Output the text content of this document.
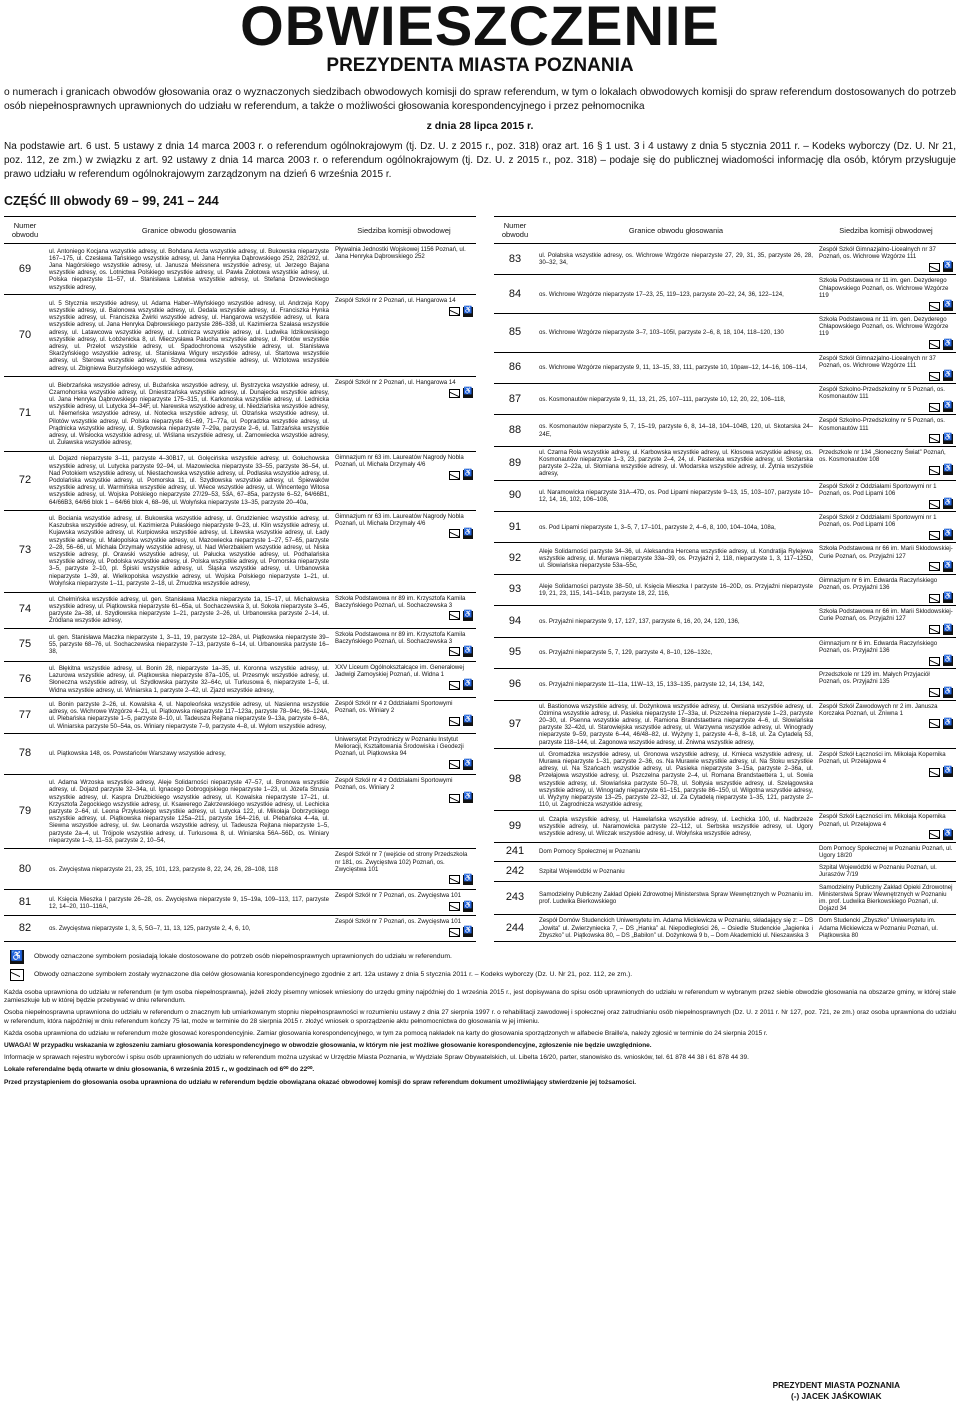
OBWIESZCZENIE
PREZYDENTA MIASTA POZNANIA
o numerach i granicach obwodów głosowania oraz o wyznaczonych siedzibach obwodowych komisji do spraw referendum, w tym o lokalach obwodowych komisji do spraw referendum dostosowanych do potrzeb osób niepełnosprawnych uprawnionych do udziału w referendum, a także o możliwości głosowania korespondencyjnego i przez pełnomocnika
z dnia 28 lipca 2015 r.
Na podstawie art. 6 ust. 5 ustawy z dnia 14 marca 2003 r. o referendum ogólnokrajowym (tj. Dz. U. z 2015 r., poz. 318) oraz art. 16 § 1 ust. 3 i 4 ustawy z dnia 5 stycznia 2011 r. – Kodeks wyborczy (Dz. U. Nr 21, poz. 112, ze zm.) w związku z art. 92 ustawy z dnia 14 marca 2003 r. o referendum ogólnokrajowym (tj. Dz. U. z 2015 r., poz. 318) – podaje się do publicznej wiadomości informację dla osób, którym przysługuje prawo udziału w referendum ogólnokrajowym zarządzonym na dzień 6 września 2015 r.
CZĘŚĆ III obwody 69 – 99, 241 – 244
Numer obwodu	Granice obwodu głosowania	Siedziba komisji obwodowej
69	ul. Antoniego Kocjana wszystkie adresy, ul. Bohdana Arcta wszystkie adresy, ul. Bukowska nieparzyste 167–175, ul. Czesława Tańskiego wszystkie adresy, ul. Jana Henryka Dąbrowskiego 252, 282/292, ul. Jana Nagórskiego wszystkie adresy, ul. Janusza Meissnera wszystkie adresy, ul. Jerzego Bajana wszystkie adresy, os. Lotnictwa Polskiego wszystkie adresy, ul. Pawła Zołotowa wszystkie adresy, ul. Polska nieparzyste 11–57, ul. Stanisława Latwisa wszystkie adresy, ul. Stefana Drzewieckiego wszystkie adresy,	Pływalnia Jednostki Wojskowej 1156 Poznań, ul. Jana Henryka Dąbrowskiego 252

70	ul. 5 Stycznia wszystkie adresy, ul. Adama Haber–Włyńskiego wszystkie adresy, ul. Andrzeja Kopy wszystkie adresy, ul. Balonowa wszystkie adresy, ul. Dedala wszystkie adresy, ul. Franciszka Hynka wszystkie adresy, ul. Franciszka Żwirki wszystkie adresy, ul. Hangarowa wszystkie adresy, ul. Ikara wszystkie adresy, ul. Jana Henryka Dąbrowskiego parzyste 286–338, ul. Kazimierza Szałasa wszystkie adresy, ul. Latawcowa wszystkie adresy, ul. Lotnicza wszystkie adresy, ul. Ludwika Idzikowskiego wszystkie adresy, ul. Łobżenicka 8, ul. Mieczysława Palucha wszystkie adresy, ul. Pilotów wszystkie adresy, ul. Przelot wszystkie adresy, ul. Spadochronowa wszystkie adresy, ul. Stanisława Skarżyńskiego wszystkie adresy, ul. Stanisława Wigury wszystkie adresy, ul. Startowa wszystkie adresy, ul. Sterowa wszystkie adresy, ul. Szybowcowa wszystkie adresy, ul. Wzlotowa wszystkie adresy, ul. Zbigniewa Burzyńskiego wszystkie adresy,	Zespół Szkół nr 2 Poznań, ul. Hangarowa 14
♿

71	ul. Biebrzańska wszystkie adresy, ul. Bużańska wszystkie adresy, ul. Bystrzycka wszystkie adresy, ul. Czarnohorska wszystkie adresy, ul. Dniestrzańska wszystkie adresy, ul. Dunajecka wszystkie adresy, ul. Jana Henryka Dąbrowskiego nieparzyste 175–315, ul. Karkonoska wszystkie adresy, ul. Lednicka wszystkie adresy, ul. Lutycka 34–34F, ul. Narewska wszystkie adresy, ul. Niedziańska wszystkie adresy, ul. Niemeńska wszystkie adresy, ul. Notecka wszystkie adresy, ul. Olzańska wszystkie adresy, ul. Pilotów wszystkie adresy, ul. Polska nieparzyste 61–69, 71–77a, ul. Popradzka wszystkie adresy, ul. Prądnicka wszystkie adresy, ul. Sytkowska nieparzyste 7–29a, parzyste 2–6, ul. Tatrzańska wszystkie adresy, ul. Wisłocka wszystkie adresy, ul. Wiślana wszystkie adresy, ul. Żarnowiecka wszystkie adresy, ul. Żuławska wszystkie adresy,	Zespół Szkół nr 2 Poznań, ul. Hangarowa 14
♿

72	ul. Dojazd nieparzyste 3–11, parzyste 4–30B17, ul. Golęcińska wszystkie adresy, ul. Gołuchowska wszystkie adresy, ul. Lutycka parzyste 92–94, ul. Mazowiecka nieparzyste 33–55, parzyste 36–54, ul. Nad Potokiem wszystkie adresy, ul. Niestachowska wszystkie adresy, ul. Podlaska wszystkie adresy, ul. Podolańska wszystkie adresy, ul. Pomorska 11, ul. Szydłowska wszystkie adresy, ul. Śpiewaków wszystkie adresy, ul. Warmińska wszystkie adresy, ul. Wiece wszystkie adresy, ul. Wincentego Witosa wszystkie adresy, ul. Wojska Polskiego nieparzyste 27/29–53, 53A, 67–85a, parzyste 6–52, 64/66B1, 64/66B3, 64/66 blok 1 – 64/66 blok 4, 68–96, ul. Wołyńska nieparzyste 13–35, parzyste 20–40a,	Gimnazjum nr 63 im. Laureatów Nagrody Nobla Poznań, ul. Michała Drzymały 4/6
♿

73	ul. Bociania wszystkie adresy, ul. Bukowska wszystkie adresy, ul. Grudzieniec wszystkie adresy, ul. Kaszubska wszystkie adresy, ul. Kazimierza Pułaskiego nieparzyste 9–23, ul. Klin wszystkie adresy, ul. Kujawska wszystkie adresy, ul. Kurpiowska wszystkie adresy, ul. Litewska wszystkie adresy, ul. Łady wszystkie adresy, ul. Małopolska wszystkie adresy, ul. Mazowiecka nieparzyste 1–27, 57–65, parzyste 2–28, 56–66, ul. Michała Drzymały wszystkie adresy, ul. Nad Wierzbakiem wszystkie adresy, ul. Niska wszystkie adresy, pl. Orawski wszystkie adresy, ul. Pałucka wszystkie adresy, ul. Podhalańska wszystkie adresy, ul. Podolska wszystkie adresy, ul. Polska wszystkie adresy, ul. Pomorska nieparzyste 3–5, parzyste 2–10, pl. Śpiski wszystkie adresy, ul. Śląska wszystkie adresy, ul. Urbanowska nieparzyste 1–39, al. Wielkopolska wszystkie adresy, ul. Wojska Polskiego nieparzyste 1–21, ul. Wołyńska nieparzyste 1–11, parzyste 2–18, ul. Żmudzka wszystkie adresy,	Gimnazjum nr 63 im. Laureatów Nagrody Nobla Poznań, ul. Michała Drzymały 4/6
♿

74	ul. Chełmińska wszystkie adresy, ul. gen. Stanisława Maczka nieparzyste 1a, 15–17, ul. Michałowska wszystkie adresy, ul. Piątkowska nieparzyste 61–65a, ul. Sochaczewska 3, ul. Sokoła nieparzyste 3–45, parzyste 2a–38, ul. Szydłowska nieparzyste 1–21, parzyste 2–26, ul. Urbanowska parzyste 2–14, ul. Źródlana wszystkie adresy,	Szkoła Podstawowa nr 89 im. Krzysztofa Kamila Baczyńskiego Poznań, ul. Sochaczewska 3
♿

75	ul. gen. Stanisława Maczka nieparzyste 1, 3–11, 19, parzyste 12–28A, ul. Piątkowska nieparzyste 39–55, parzyste 68–76, ul. Sochaczewska nieparzyste 7–13, parzyste 6–14, ul. Urbanowska parzyste 16–38,	Szkoła Podstawowa nr 89 im. Krzysztofa Kamila Baczyńskiego Poznań, ul. Sochaczewska 3
♿

76	ul. Błękitna wszystkie adresy, ul. Bonin 28, nieparzyste 1a–35, ul. Koronna wszystkie adresy, ul. Lazurowa wszystkie adresy, ul. Piątkowska nieparzyste 87a–105, ul. Przesmyk wszystkie adresy, ul. Słoneczna wszystkie adresy, ul. Szydłowska parzyste 32–64c, ul. Turkusowa 6, nieparzyste 1–5, ul. Widna wszystkie adresy, ul. Winiarska 1, parzyste 2–42, ul. Zjazd wszystkie adresy,	XXV Liceum Ogólnokształcące im. Generałowej Jadwigi Zamoyskiej Poznań, ul. Widna 1
♿

77	ul. Bonin parzyste 2–26, ul. Kowalska 4, ul. Napoleońska wszystkie adresy, ul. Nasienna wszystkie adresy, os. Wichrowe Wzgórze 4–21, ul. Piątkowska nieparzyste 117–123a, parzyste 78–94c, 96–124A, ul. Plebańska nieparzyste 1–5, parzyste 8–10, ul. Tadeusza Rejtana nieparzyste 9–13a, parzyste 6–8A, ul. Winiarska parzyste 50–54a, os. Winiary nieparzyste 7–9, parzyste 4–8, ul. Wyłom wszystkie adresy,	Zespół Szkół nr 4 z Oddziałami Sportowymi Poznań, os. Winiary 2
♿

78	ul. Piątkowska 148, os. Powstańców Warszawy wszystkie adresy,	Uniwersytet Przyrodniczy w Poznaniu Instytut Melioracji, Kształtowania Środowiska i Geodezji Poznań, ul. Piątkowska 94
♿

79	ul. Adama Wrzoska wszystkie adresy, Aleje Solidarności nieparzyste 47–57, ul. Bronowa wszystkie adresy, ul. Dojazd parzyste 32–34a, ul. Ignacego Dobrogojskiego nieparzyste 1–23, ul. Józefa Strusia wszystkie adresy, ul. Kaspra Drużbickiego wszystkie adresy, ul. Kowalska nieparzyste 17–21, ul. Krzysztofa Żegockiego wszystkie adresy, ul. Ksawerego Zakrzewskiego wszystkie adresy, ul. Lechicka parzyste 2–64, ul. Leona Przyłuskiego wszystkie adresy, ul. Lutycka 122, ul. Mikołaja Dobrzyckiego wszystkie adresy, ul. Piątkowska nieparzyste 125a–211, parzyste 164–216, ul. Plebańska 4–4a, ul. Siewna wszystkie adresy, ul. św. Leonarda wszystkie adresy, ul. Tadeusza Rejtana nieparzyste 1–5, parzyste 2a–4, ul. Trójpole wszystkie adresy, ul. Turkusowa 8, ul. Winiarska 56A–56D, os. Winiary nieparzyste 1–3, 11–53, parzyste 2, 10–54,	Zespół Szkół nr 4 z Oddziałami Sportowymi Poznań, os. Winiary 2
♿

80	os. Zwycięstwa nieparzyste 21, 23, 25, 101, 123, parzyste 8, 22, 24, 26, 28–108, 118	Zespół Szkół nr 7 (wejście od strony Przedszkola nr 181, os. Zwycięstwa 102) Poznań, os. Zwycięstwa 101
♿

81	ul. Księcia Mieszka I parzyste 26–28, os. Zwycięstwa nieparzyste 9, 15–19a, 109–113, 117, parzyste 12, 14–20, 110–116A,	Zespół Szkół nr 7 Poznań, os. Zwycięstwa 101
♿

82	os. Zwycięstwa nieparzyste 1, 3, 5, 5G–7, 11, 13, 125, parzyste 2, 4, 6, 10,	Zespół Szkół nr 7 Poznań, os. Zwycięstwa 101
♿
Numer obwodu	Granice obwodu głosowania	Siedziba komisji obwodowej
83	ul. Połabska wszystkie adresy, os. Wichrowe Wzgórze nieparzyste 27, 29, 31, 35, parzyste 26, 28, 30–32, 34,	Zespół Szkół Gimnazjalno-Licealnych nr 37 Poznań, os. Wichrowe Wzgórze 111
♿

84	os. Wichrowe Wzgórze nieparzyste 17–23, 25, 119–123, parzyste 20–22, 24, 36, 122–124,	Szkoła Podstawowa nr 11 im. gen. Dezyderego Chłapowskiego Poznań, os. Wichrowe Wzgórze 119
♿

85	os. Wichrowe Wzgórze nieparzyste 3–7, 103–105I, parzyste 2–6, 8, 18, 104, 118–120, 130	Szkoła Podstawowa nr 11 im. gen. Dezyderego Chłapowskiego Poznań, os. Wichrowe Wzgórze 119
♿

86	os. Wichrowe Wzgórze nieparzyste 9, 11, 13–15, 33, 111, parzyste 10, 10paw–12, 14–16, 106–114,	Zespół Szkół Gimnazjalno-Licealnych nr 37 Poznań, os. Wichrowe Wzgórze 111
♿

87	os. Kosmonautów nieparzyste 9, 11, 13, 21, 25, 107–111, parzyste 10, 12, 20, 22, 106–118,	Zespół Szkolno-Przedszkolny nr 5 Poznań, os. Kosmonautów 111
♿

88	os. Kosmonautów nieparzyste 5, 7, 15–19, parzyste 6, 8, 14–18, 104–104B, 120, ul. Skotarska 24–24E,	Zespół Szkolno-Przedszkolny nr 5 Poznań, os. Kosmonautów 111
♿

89	ul. Czarna Rola wszystkie adresy, ul. Karbowska wszystkie adresy, ul. Kłosowa wszystkie adresy, os. Kosmonautów nieparzyste 1–3, 23, parzyste 2–4, 24, ul. Pasterska wszystkie adresy, ul. Skotarska parzyste 2–22a, ul. Słomiana wszystkie adresy, ul. Włodarska wszystkie adresy, ul. Żytnia wszystkie adresy,	Przedszkole nr 134 „Słoneczny Świat” Poznań, os. Kosmonautów 108
♿

90	ul. Naramowicka nieparzyste 31A–47D, os. Pod Lipami nieparzyste 9–13, 15, 103–107, parzyste 10–12, 14, 16, 102, 106–108,	Zespół Szkół z Oddziałami Sportowymi nr 1 Poznań, os. Pod Lipami 106
♿

91	os. Pod Lipami nieparzyste 1, 3–5, 7, 17–101, parzyste 2, 4–6, 8, 100, 104–104a, 108a,	Zespół Szkół z Oddziałami Sportowymi nr 1 Poznań, os. Pod Lipami 106
♿

92	Aleje Solidarności parzyste 34–36, ul. Aleksandra Hercena wszystkie adresy, ul. Kondratija Rylejewa wszystkie adresy, ul. Murawa nieparzyste 33a–39, os. Przyjaźni 2, 118, nieparzyste 1, 3, 117–125D, ul. Słowiańska nieparzyste 53a–55c,	Szkoła Podstawowa nr 66 im. Marii Skłodowskiej-Curie Poznań, os. Przyjaźni 127
♿

93	Aleje Solidarności parzyste 38–50, ul. Księcia Mieszka I parzyste 16–20D, os. Przyjaźni nieparzyste 19, 21, 23, 115, 141–141b, parzyste 18, 22, 116,	Gimnazjum nr 6 im. Edwarda Raczyńskiego Poznań, os. Przyjaźni 136
♿

94	os. Przyjaźni nieparzyste 9, 17, 127, 137, parzyste 6, 16, 20, 24, 120, 136,	Szkoła Podstawowa nr 66 im. Marii Skłodowskiej-Curie Poznań, os. Przyjaźni 127
♿

95	os. Przyjaźni nieparzyste 5, 7, 129, parzyste 4, 8–10, 126–132c,	Gimnazjum nr 6 im. Edwarda Raczyńskiego Poznań, os. Przyjaźni 136
♿

96	os. Przyjaźni nieparzyste 11–11a, 11W–13, 15, 133–135, parzyste 12, 14, 134, 142,	Przedszkole nr 129 im. Małych Przyjaciół Poznań, os. Przyjaźni 135
♿

97	ul. Bastionowa wszystkie adresy, ul. Dożynkowa wszystkie adresy, ul. Owsiana wszystkie adresy, ul. Ozimina wszystkie adresy, ul. Pasieka nieparzyste 17–33a, ul. Pszczelna nieparzyste 1–23, parzyste 20–30, ul. Psenna wszystkie adresy, ul. Ramiona Brandstaettera nieparzyste 4–6, ul. Słowiańska parzyste 32–42d, ul. Starowiejska wszystkie adresy, ul. Warzywna wszystkie adresy, ul. Winogrady nieparzyste 9–59, parzyste 6–44, 46/48–82, ul. Wyżyny 1, parzyste 4–6, 8–18, ul. Za Cytadelą 53, parzyste 118–144, ul. Zagonowa wszystkie adresy, ul. Żniwna wszystkie adresy,	Zespół Szkół Zawodowych nr 2 im. Janusza Korczaka Poznań, ul. Żniwna 1
♿

98	ul. Gromadzka wszystkie adresy, ul. Gronowa wszystkie adresy, ul. Kmieca wszystkie adresy, ul. Murawa nieparzyste 1–31, parzyste 2–36, os. Na Murawie wszystkie adresy, ul. Na Stoku wszystkie adresy, ul. Na Szańcach wszystkie adresy, ul. Pasieka nieparzyste 3–15a, parzyste 2–36a, ul. Przełajowa wszystkie adresy, ul. Pszczelna parzyste 2–4, ul. Romana Brandstaettera 1, ul. Sowia wszystkie adresy, ul. Słowiańska parzyste 50–78, ul. Sołtysia wszystkie adresy, ul. Szelągowska wszystkie adresy, ul. Winogrady nieparzyste 61–151, parzyste 86–150, ul. Wilgotna wszystkie adresy, ul. Wyżyny nieparzyste 13–25, parzyste 22–32, ul. Za Cytadelą nieparzyste 1–35, 121, parzyste 2–110, ul. Zagrodnicza wszystkie adresy,	Zespół Szkół Łączności im. Mikołaja Kopernika Poznań, ul. Przełajowa 4
♿

99	ul. Czapla wszystkie adresy, ul. Hawelańska wszystkie adresy, ul. Lechicka 100, ul. Nadbrzeże wszystkie adresy, ul. Naramowicka parzyste 22–112, ul. Serbska wszystkie adresy, ul. Ugory wszystkie adresy, ul. Wilczak wszystkie adresy, ul. Wołyńska wszystkie adresy,	Zespół Szkół Łączności im. Mikołaja Kopernika Poznań, ul. Przełajowa 4
♿

241	Dom Pomocy Społecznej w Poznaniu	Dom Pomocy Społecznej w Poznaniu Poznań, ul. Ugory 18/20

242	Szpital Wojewódzki w Poznaniu	Szpital Wojewódzki w Poznaniu Poznań, ul. Juraszów 7/19

243	Samodzielny Publiczny Zakład Opieki Zdrowotnej Ministerstwa Spraw Wewnętrznych w Poznaniu im. prof. Ludwika Bierkowskiego	Samodzielny Publiczny Zakład Opieki Zdrowotnej Ministerstwa Spraw Wewnętrznych w Poznaniu im. prof. Ludwika Bierkowskiego Poznań, ul. Dojazd 34

244	Zespół Domów Studenckich Uniwersytetu im. Adama Mickiewicza w Poznaniu, składający się z: – DS „Jowita” ul. Zwierzyniecka 7, – DS „Hanka” al. Niepodległości 26, – Osiedle Studenckie „Jagienka i Zbyszko” ul. Piątkowska 80, – DS „Babilon” ul. Dożynkowa 9 b, – Dom Akademicki ul. Nieszawska 3	Dom Studencki „Zbyszko” Uniwersytetu im. Adama Mickiewicza w Poznaniu Poznań, ul. Piątkowska 80
♿ Obwody oznaczone symbolem posiadają lokale dostosowane do potrzeb osób niepełnosprawnych uprawnionych do udziału w referendum.
Obwody oznaczone symbolem zostały wyznaczone dla celów głosowania korespondencyjnego zgodnie z art. 12a ustawy z dnia 5 stycznia 2011 r. – Kodeks wyborczy (Dz. U. Nr 21, poz. 112, ze zm.).

Każda osoba uprawniona do udziału w referendum (w tym osoba niepełnosprawna), jeżeli złoży pisemny wniosek wniesiony do urzędu gminy najpóźniej do 1 września 2015 r., jest dopisywana do spisu osób uprawnionych do udziału w referendum w wybranym przez siebie obwodzie głosowania na obszarze gminy, w której stale zamieszkuje lub w której będzie przebywać w dniu referendum.

Osoba niepełnosprawna uprawniona do udziału w referendum o znacznym lub umiarkowanym stopniu niepełnosprawności w rozumieniu ustawy z dnia 27 sierpnia 1997 r. o rehabilitacji zawodowej i społecznej oraz zatrudnianiu osób niepełnosprawnych (Dz. U. z 2011 r. Nr 127, poz. 721, ze zm.) oraz osoba uprawniona do udziału w referendum, która najpóźniej w dniu referendum kończy 75 lat, może w terminie do 28 sierpnia 2015 r. złożyć wniosek o sporządzenie aktu pełnomocnictwa do głosowania w jej imieniu.

Każda osoba uprawniona do udziału w referendum może głosować korespondencyjnie. Zamiar głosowania korespondencyjnego, w tym za pomocą nakładek na karty do głosowania sporządzonych w alfabecie Braille'a, należy zgłosić w terminie do 24 sierpnia 2015 r.

UWAGA! W przypadku wskazania w zgłoszeniu zamiaru głosowania korespondencyjnego w obwodzie głosowania, w którym nie jest możliwe głosowanie korespondencyjne, zgłoszenie nie będzie uwzględnione.

Informacje w sprawach rejestru wyborców i spisu osób uprawnionych do udziału w referendum można uzyskać w Urzędzie Miasta Poznania, w Wydziale Spraw Obywatelskich, ul. Libelta 16/20, parter, stanowisko ds. wniosków, tel. 61 878 44 38 i 61 878 44 39.

Lokale referendalne będą otwarte w dniu głosowania, 6 września 2015 r., w godzinach od 6⁰⁰ do 22⁰⁰.

Przed przystąpieniem do głosowania osoba uprawniona do udziału w referendum będzie obowiązana okazać obwodowej komisji do spraw referendum dokument umożliwiający stwierdzenie jej tożsamości.

PREZYDENT MIASTA POZNANIA
(-) JACEK JAŚKOWIAK
